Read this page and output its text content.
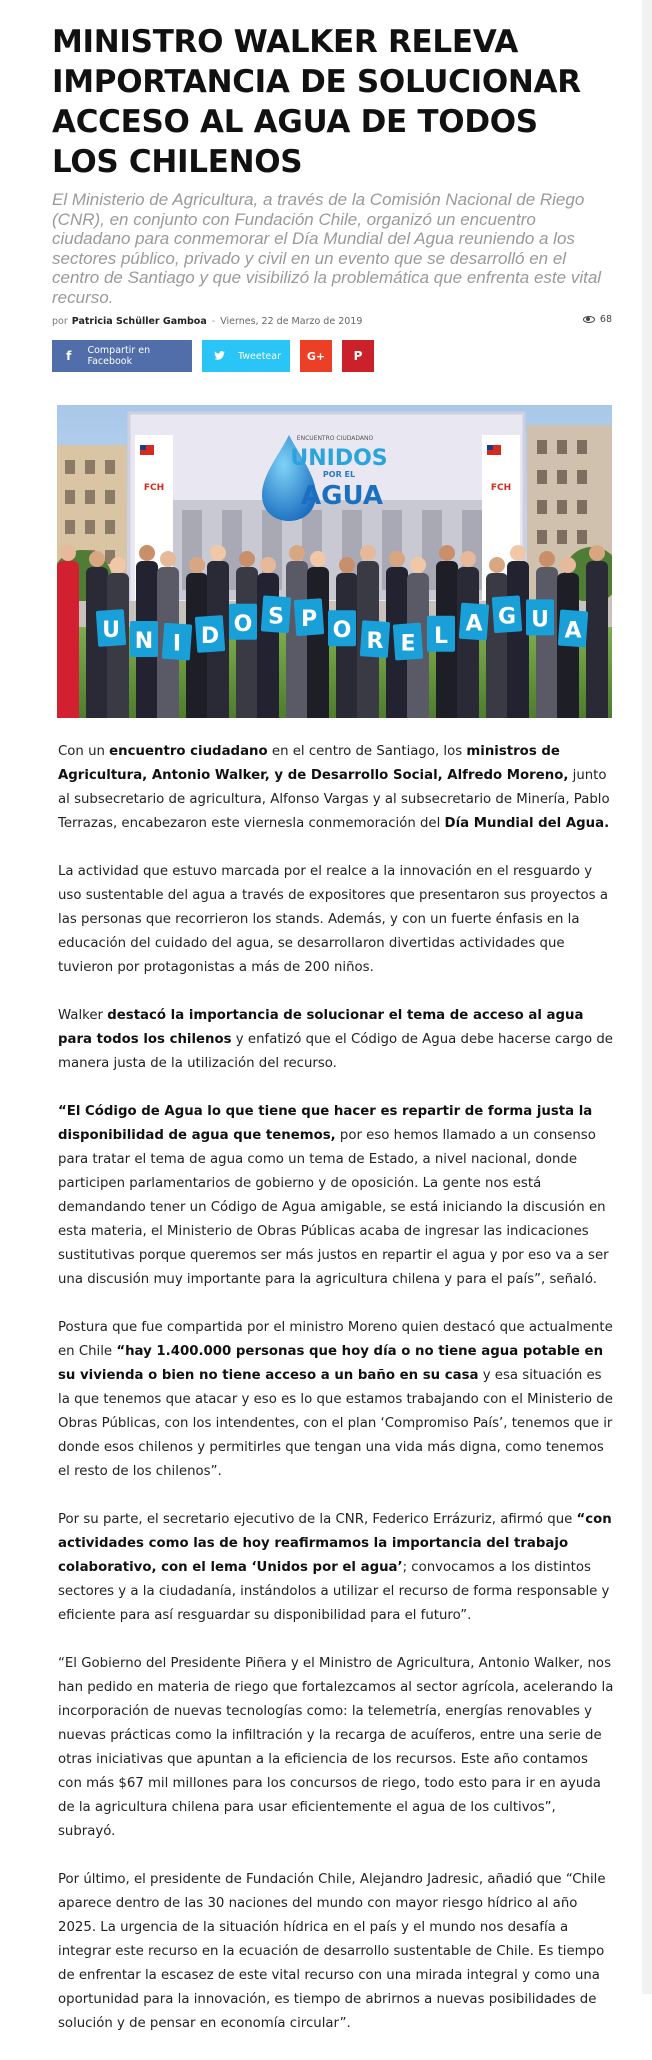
MINISTRO WALKER RELEVA IMPORTANCIA DE SOLUCIONAR ACCESO AL AGUA DE TODOS LOS CHILENOS
El Ministerio de Agricultura, a través de la Comisión Nacional de Riego (CNR), en conjunto con Fundación Chile, organizó un encuentro ciudadano para conmemorar el Día Mundial del Agua reuniendo a los sectores público, privado y civil en un evento que se desarrolló en el centro de Santiago y que visibilizó la problemática que enfrenta este vital recurso.
por Patricia Schüller Gamboa - Viernes, 22 de Marzo de 2019	68
f Compartir en Facebook	Tweetear G+ P
FCH	FCH
ENCUENTRO CIUDADANO
UNIDOS
POR EL
AGUA
U N I D O S P O R E L A G U A

Con un encuentro ciudadano en el centro de Santiago, los ministros de Agricultura, Antonio Walker, y de Desarrollo Social, Alfredo Moreno, junto al subsecretario de agricultura, Alfonso Vargas y al subsecretario de Minería, Pablo Terrazas, encabezaron este viernesla conmemoración del Día Mundial del Agua.

La actividad que estuvo marcada por el realce a la innovación en el resguardo y uso sustentable del agua a través de expositores que presentaron sus proyectos a las personas que recorrieron los stands. Además, y con un fuerte énfasis en la educación del cuidado del agua, se desarrollaron divertidas actividades que tuvieron por protagonistas a más de 200 niños.

Walker destacó la importancia de solucionar el tema de acceso al agua para todos los chilenos y enfatizó que el Código de Agua debe hacerse cargo de manera justa de la utilización del recurso.

“El Código de Agua lo que tiene que hacer es repartir de forma justa la disponibilidad de agua que tenemos, por eso hemos llamado a un consenso para tratar el tema de agua como un tema de Estado, a nivel nacional, donde participen parlamentarios de gobierno y de oposición. La gente nos está demandando tener un Código de Agua amigable, se está iniciando la discusión en esta materia, el Ministerio de Obras Públicas acaba de ingresar las indicaciones sustitutivas porque queremos ser más justos en repartir el agua y por eso va a ser una discusión muy importante para la agricultura chilena y para el país”, señaló.

Postura que fue compartida por el ministro Moreno quien destacó que actualmente en Chile “hay 1.400.000 personas que hoy día o no tiene agua potable en su vivienda o bien no tiene acceso a un baño en su casa y esa situación es la que tenemos que atacar y eso es lo que estamos trabajando con el Ministerio de Obras Públicas, con los intendentes, con el plan ‘Compromiso País’, tenemos que ir donde esos chilenos y permitirles que tengan una vida más digna, como tenemos el resto de los chilenos”.

Por su parte, el secretario ejecutivo de la CNR, Federico Errázuriz, afirmó que “con actividades como las de hoy reafirmamos la importancia del trabajo colaborativo, con el lema ‘Unidos por el agua’; convocamos a los distintos sectores y a la ciudadanía, instándolos a utilizar el recurso de forma responsable y eficiente para así resguardar su disponibilidad para el futuro”.

“El Gobierno del Presidente Piñera y el Ministro de Agricultura, Antonio Walker, nos han pedido en materia de riego que fortalezcamos al sector agrícola, acelerando la incorporación de nuevas tecnologías como: la telemetría, energías renovables y nuevas prácticas como la infiltración y la recarga de acuíferos, entre una serie de otras iniciativas que apuntan a la eficiencia de los recursos. Este año contamos con más $67 mil millones para los concursos de riego, todo esto para ir en ayuda de la agricultura chilena para usar eficientemente el agua de los cultivos”, subrayó.

Por último, el presidente de Fundación Chile, Alejandro Jadresic, añadió que “Chile aparece dentro de las 30 naciones del mundo con mayor riesgo hídrico al año 2025. La urgencia de la situación hídrica en el país y el mundo nos desafía a integrar este recurso en la ecuación de desarrollo sustentable de Chile. Es tiempo de enfrentar la escasez de este vital recurso con una mirada integral y como una oportunidad para la innovación, es tiempo de abrirnos a nuevas posibilidades de solución y de pensar en economía circular”.
